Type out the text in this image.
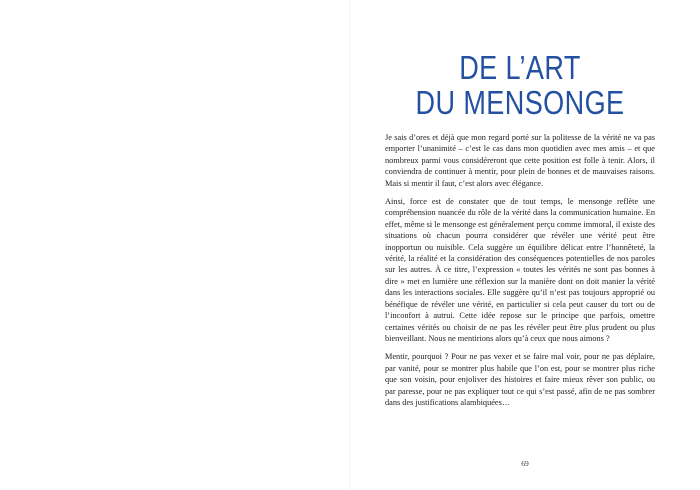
DE L’ART
DU MENSONGE

Je sais d’ores et déjà que mon regard porté sur la politesse de la vérité ne va pas emporter l’unanimité – c’est le cas dans mon quotidien avec mes amis – et que nombreux parmi vous considéreront que cette position est folle à tenir. Alors, il conviendra de continuer à mentir, pour plein de bonnes et de mauvaises raisons. Mais si mentir il faut, c’est alors avec élégance.

Ainsi, force est de constater que de tout temps, le mensonge reflète une compréhension nuancée du rôle de la vérité dans la communication humaine. En effet, même si le mensonge est généralement perçu comme immoral, il existe des situations où chacun pourra considérer que révéler une vérité peut être inopportun ou nuisible. Cela suggère un équilibre délicat entre l’honnêteté, la vérité, la réalité et la considération des conséquences potentielles de nos paroles sur les autres. À ce titre, l’expression « toutes les vérités ne sont pas bonnes à dire » met en lumière une réflexion sur la manière dont on doit manier la vérité dans les interactions sociales. Elle suggère qu’il n’est pas toujours approprié ou bénéfique de révéler une vérité, en particulier si cela peut causer du tort ou de l’inconfort à autrui. Cette idée repose sur le principe que parfois, omettre certaines vérités ou choisir de ne pas les révéler peut être plus prudent ou plus bienveillant. Nous ne mentirions alors qu’à ceux que nous aimons ?

Mentir, pourquoi ? Pour ne pas vexer et se faire mal voir, pour ne pas déplaire, par vanité, pour se montrer plus habile que l’on est, pour se montrer plus riche que son voisin, pour enjoliver des histoires et faire mieux rêver son public, ou par paresse, pour ne pas expliquer tout ce qui s’est passé, afin de ne pas sombrer dans des justifications alambiquées…

69
